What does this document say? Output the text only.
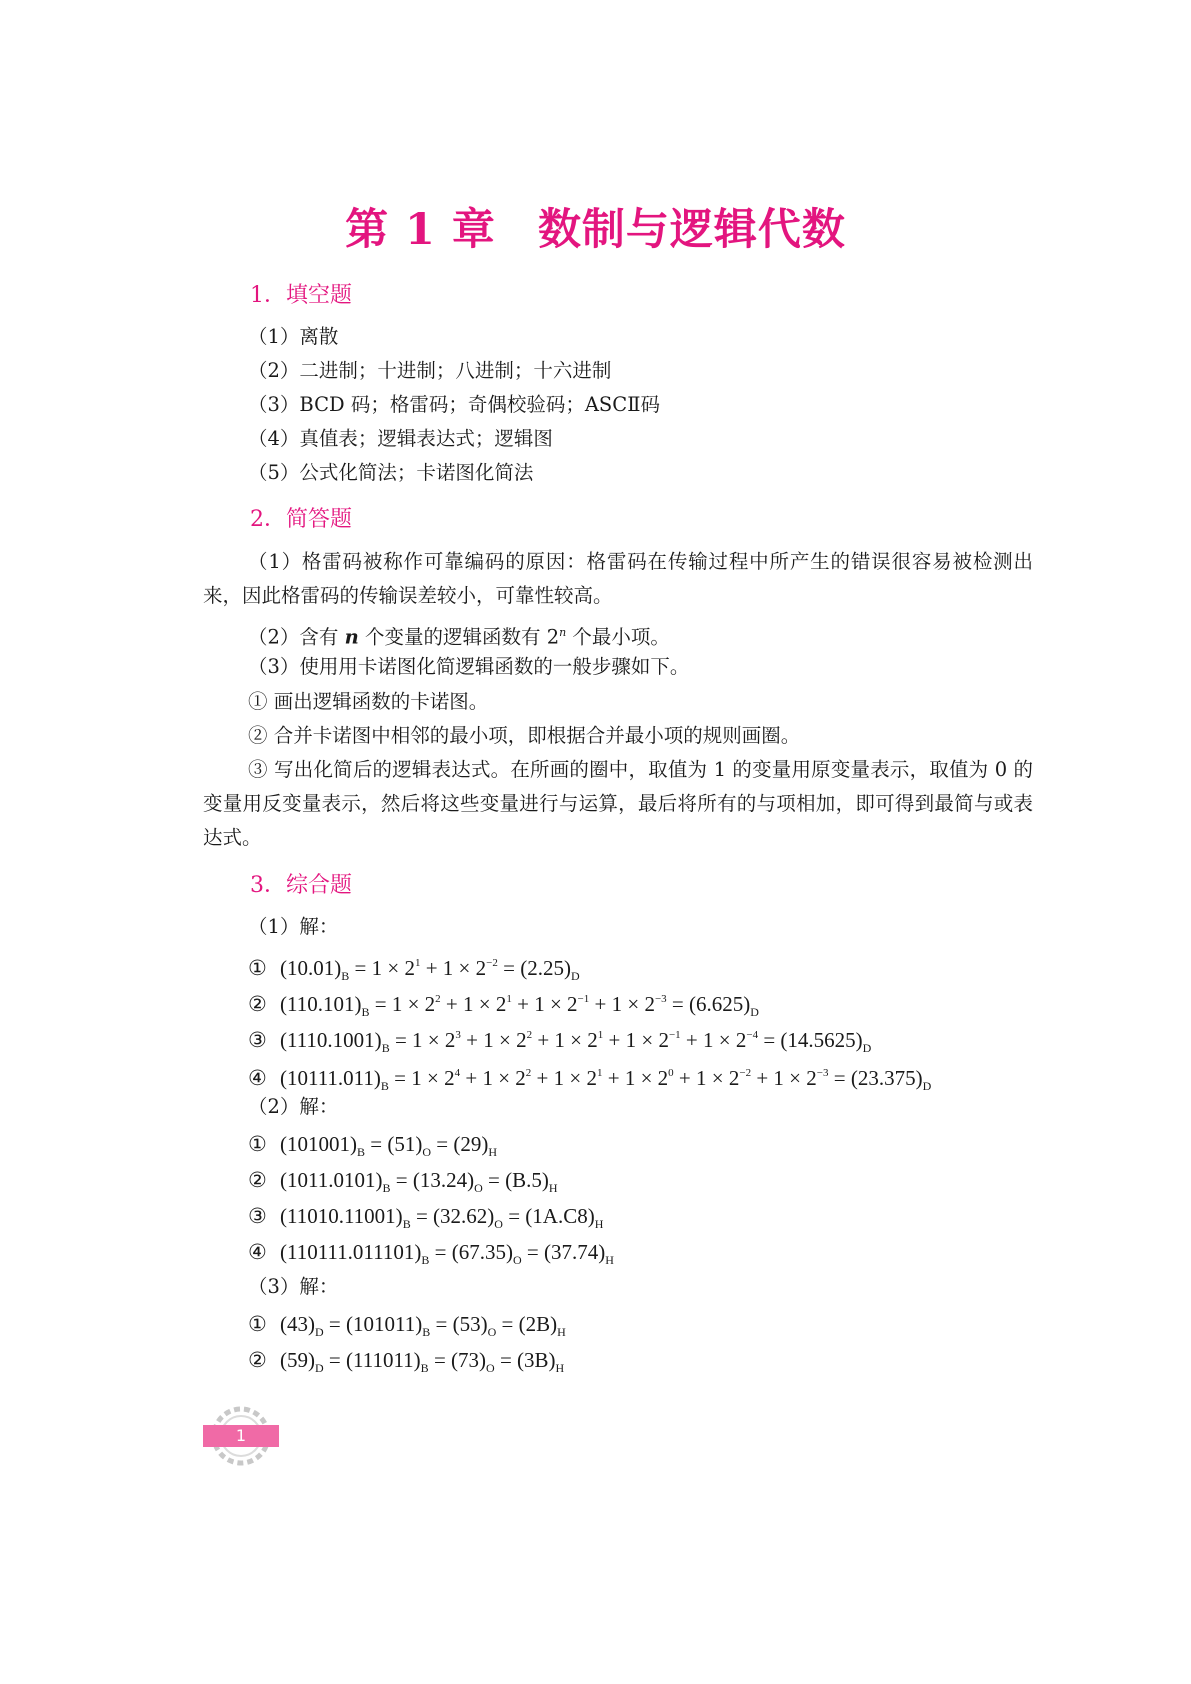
第 1 章 数制与逻辑代数
1．填空题
（1）离散
（2）二进制；十进制；八进制；十六进制
（3）BCD 码；格雷码；奇偶校验码；ASCⅡ码
（4）真值表；逻辑表达式；逻辑图
（5）公式化简法；卡诺图化简法
2．简答题
（1）格雷码被称作可靠编码的原因：格雷码在传输过程中所产生的错误很容易被检测出来，因此格雷码的传输误差较小，可靠性较高。
（2）含有 n 个变量的逻辑函数有 2$^n$ 个最小项。
（3）使用用卡诺图化简逻辑函数的一般步骤如下。
① 画出逻辑函数的卡诺图。
② 合并卡诺图中相邻的最小项，即根据合并最小项的规则画圈。
③ 写出化简后的逻辑表达式。在所画的圈中，取值为 1 的变量用原变量表示，取值为 0 的变量用反变量表示，然后将这些变量进行与运算，最后将所有的与项相加，即可得到最简与或表达式。
3．综合题
（1）解：
① $(10.01)_B = 1 \times 2^1 + 1 \times 2^{-2} = (2.25)_D$
② $(110.101)_B = 1 \times 2^2 + 1 \times 2^1 + 1 \times 2^{-1} + 1 \times 2^{-3} = (6.625)_D$
③ $(1110.1001)_B = 1 \times 2^3 + 1 \times 2^2 + 1 \times 2^1 + 1 \times 2^{-1} + 1 \times 2^{-4} = (14.5625)_D$
④ $(10111.011)_B = 1 \times 2^4 + 1 \times 2^2 + 1 \times 2^1 + 1 \times 2^0 + 1 \times 2^{-2} + 1 \times 2^{-3} = (23.375)_D$
（2）解：
① $(101001)_B = (51)_O = (29)_H$
② $(1011.0101)_B = (13.24)_O = (B.5)_H$
③ $(11010.11001)_B = (32.62)_O = (1A.C8)_H$
④ $(110111.011101)_B = (67.35)_O = (37.74)_H$
（3）解：
① $(43)_D = (101011)_B = (53)_O = (2B)_H$
② $(59)_D = (111011)_B = (73)_O = (3B)_H$
1
